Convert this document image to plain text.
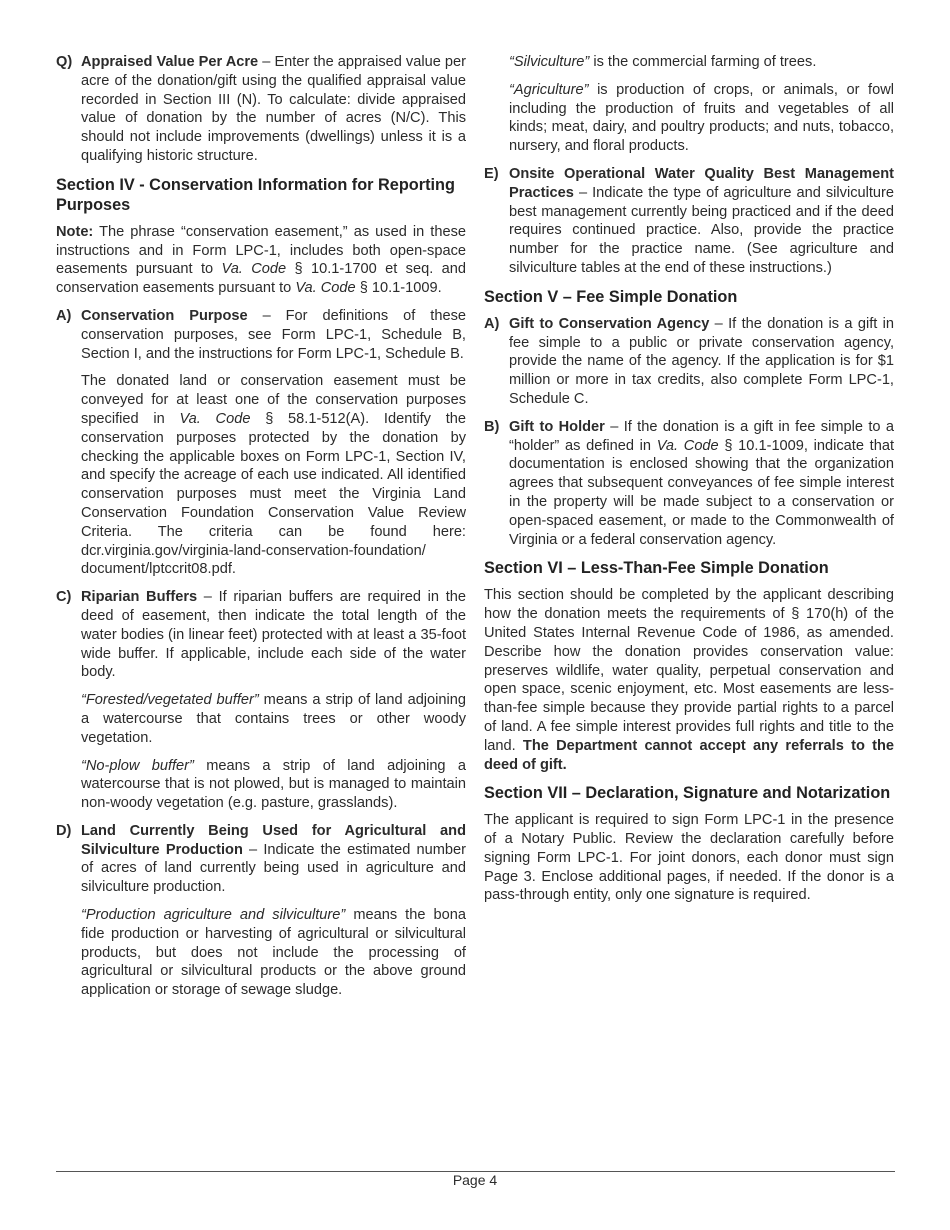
Q) Appraised Value Per Acre – Enter the appraised value per acre of the donation/gift using the qualified appraisal value recorded in Section III (N). To calculate: divide appraised value of donation by the number of acres (N/C). This should not include improvements (dwellings) unless it is a qualifying historic structure.
Section IV - Conservation Information for Reporting Purposes
Note: The phrase “conservation easement,” as used in these instructions and in Form LPC-1, includes both open-space easements pursuant to Va. Code § 10.1-1700 et seq. and conservation easements pursuant to Va. Code § 10.1-1009.
A) Conservation Purpose – For definitions of these conservation purposes, see Form LPC-1, Schedule B, Section I, and the instructions for Form LPC-1, Schedule B.
The donated land or conservation easement must be conveyed for at least one of the conservation purposes specified in Va. Code § 58.1-512(A). Identify the conservation purposes protected by the donation by checking the applicable boxes on Form LPC-1, Section IV, and specify the acreage of each use indicated. All identified conservation purposes must meet the Virginia Land Conservation Foundation Conservation Value Review Criteria. The criteria can be found here: dcr.virginia.gov/virginia-land-conservation-foundation/ document/lptccrit08.pdf.
C) Riparian Buffers – If riparian buffers are required in the deed of easement, then indicate the total length of the water bodies (in linear feet) protected with at least a 35-foot wide buffer. If applicable, include each side of the water body.
“Forested/vegetated buffer” means a strip of land adjoining a watercourse that contains trees or other woody vegetation.
“No-plow buffer” means a strip of land adjoining a watercourse that is not plowed, but is managed to maintain non-woody vegetation (e.g. pasture, grasslands).
D) Land Currently Being Used for Agricultural and Silviculture Production – Indicate the estimated number of acres of land currently being used in agriculture and silviculture production.
“Production agriculture and silviculture” means the bona fide production or harvesting of agricultural or silvicultural products, but does not include the processing of agricultural or silvicultural products or the above ground application or storage of sewage sludge.
“Silviculture” is the commercial farming of trees.
“Agriculture” is production of crops, or animals, or fowl including the production of fruits and vegetables of all kinds; meat, dairy, and poultry products; and nuts, tobacco, nursery, and floral products.
E) Onsite Operational Water Quality Best Management Practices – Indicate the type of agriculture and silviculture best management currently being practiced and if the deed requires continued practice. Also, provide the practice number for the practice name. (See agriculture and silviculture tables at the end of these instructions.)
Section V – Fee Simple Donation
A) Gift to Conservation Agency – If the donation is a gift in fee simple to a public or private conservation agency, provide the name of the agency. If the application is for $1 million or more in tax credits, also complete Form LPC-1, Schedule C.
B) Gift to Holder – If the donation is a gift in fee simple to a “holder” as defined in Va. Code § 10.1-1009, indicate that documentation is enclosed showing that the organization agrees that subsequent conveyances of fee simple interest in the property will be made subject to a conservation or open-spaced easement, or made to the Commonwealth of Virginia or a federal conservation agency.
Section VI – Less-Than-Fee Simple Donation
This section should be completed by the applicant describing how the donation meets the requirements of § 170(h) of the United States Internal Revenue Code of 1986, as amended. Describe how the donation provides conservation value: preserves wildlife, water quality, perpetual conservation and open space, scenic enjoyment, etc. Most easements are less-than-fee simple because they provide partial rights to a parcel of land. A fee simple interest provides full rights and title to the land. The Department cannot accept any referrals to the deed of gift.
Section VII – Declaration, Signature and Notarization
The applicant is required to sign Form LPC-1 in the presence of a Notary Public. Review the declaration carefully before signing Form LPC-1. For joint donors, each donor must sign Page 3. Enclose additional pages, if needed. If the donor is a pass-through entity, only one signature is required.
Page 4
